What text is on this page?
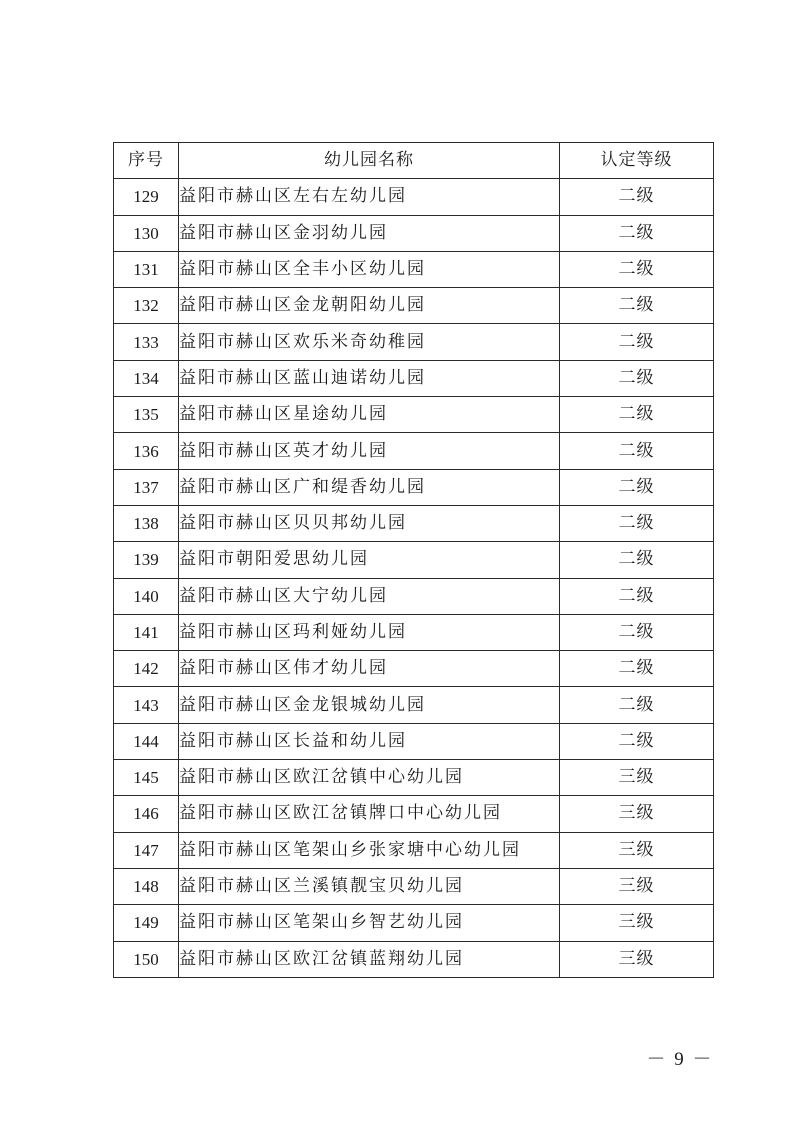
序号	幼儿园名称	认定等级
129	益阳市赫山区左右左幼儿园	二级
130	益阳市赫山区金羽幼儿园	二级
131	益阳市赫山区全丰小区幼儿园	二级
132	益阳市赫山区金龙朝阳幼儿园	二级
133	益阳市赫山区欢乐米奇幼稚园	二级
134	益阳市赫山区蓝山迪诺幼儿园	二级
135	益阳市赫山区星途幼儿园	二级
136	益阳市赫山区英才幼儿园	二级
137	益阳市赫山区广和缇香幼儿园	二级
138	益阳市赫山区贝贝邦幼儿园	二级
139	益阳市朝阳爱思幼儿园	二级
140	益阳市赫山区大宁幼儿园	二级
141	益阳市赫山区玛利娅幼儿园	二级
142	益阳市赫山区伟才幼儿园	二级
143	益阳市赫山区金龙银城幼儿园	二级
144	益阳市赫山区长益和幼儿园	二级
145	益阳市赫山区欧江岔镇中心幼儿园	三级
146	益阳市赫山区欧江岔镇牌口中心幼儿园	三级
147	益阳市赫山区笔架山乡张家塘中心幼儿园	三级
148	益阳市赫山区兰溪镇靓宝贝幼儿园	三级
149	益阳市赫山区笔架山乡智艺幼儿园	三级
150	益阳市赫山区欧江岔镇蓝翔幼儿园	三级
－ 9 －
